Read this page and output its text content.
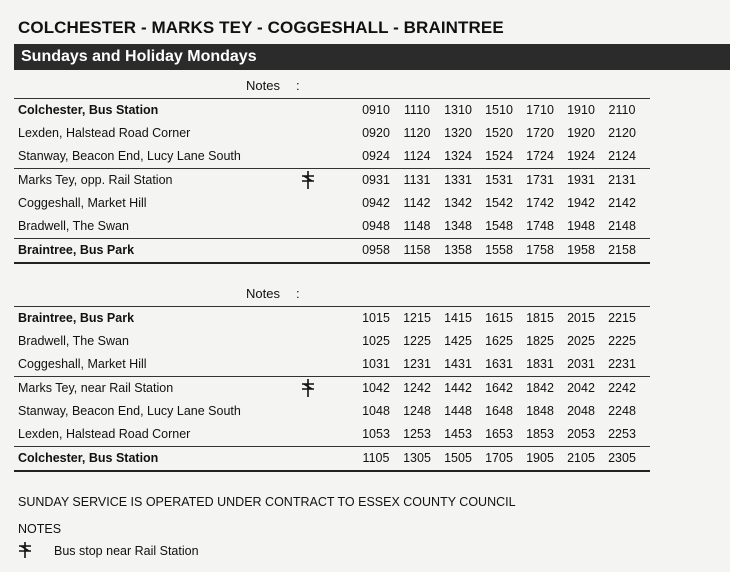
COLCHESTER - MARKS TEY - COGGESHALL - BRAINTREE
Sundays and Holiday Mondays
Notes :
Colchester, Bus Station	0910	1110	1310	1510	1710	1910	2110
Lexden, Halstead Road Corner	0920	1120	1320	1520	1720	1920	2120
Stanway, Beacon End, Lucy Lane South	0924	1124	1324	1524	1724	1924	2124
Marks Tey, opp. Rail Station	0931	1131	1331	1531	1731	1931	2131
Coggeshall, Market Hill	0942	1142	1342	1542	1742	1942	2142
Bradwell, The Swan	0948	1148	1348	1548	1748	1948	2148
Braintree, Bus Park	0958	1158	1358	1558	1758	1958	2158
Notes :
Braintree, Bus Park	1015	1215	1415	1615	1815	2015	2215
Bradwell, The Swan	1025	1225	1425	1625	1825	2025	2225
Coggeshall, Market Hill	1031	1231	1431	1631	1831	2031	2231
Marks Tey, near Rail Station	1042	1242	1442	1642	1842	2042	2242
Stanway, Beacon End, Lucy Lane South	1048	1248	1448	1648	1848	2048	2248
Lexden, Halstead Road Corner	1053	1253	1453	1653	1853	2053	2253
Colchester, Bus Station	1105	1305	1505	1705	1905	2105	2305
SUNDAY SERVICE IS OPERATED UNDER CONTRACT TO ESSEX COUNTY COUNCIL
NOTES
Bus stop near Rail Station
